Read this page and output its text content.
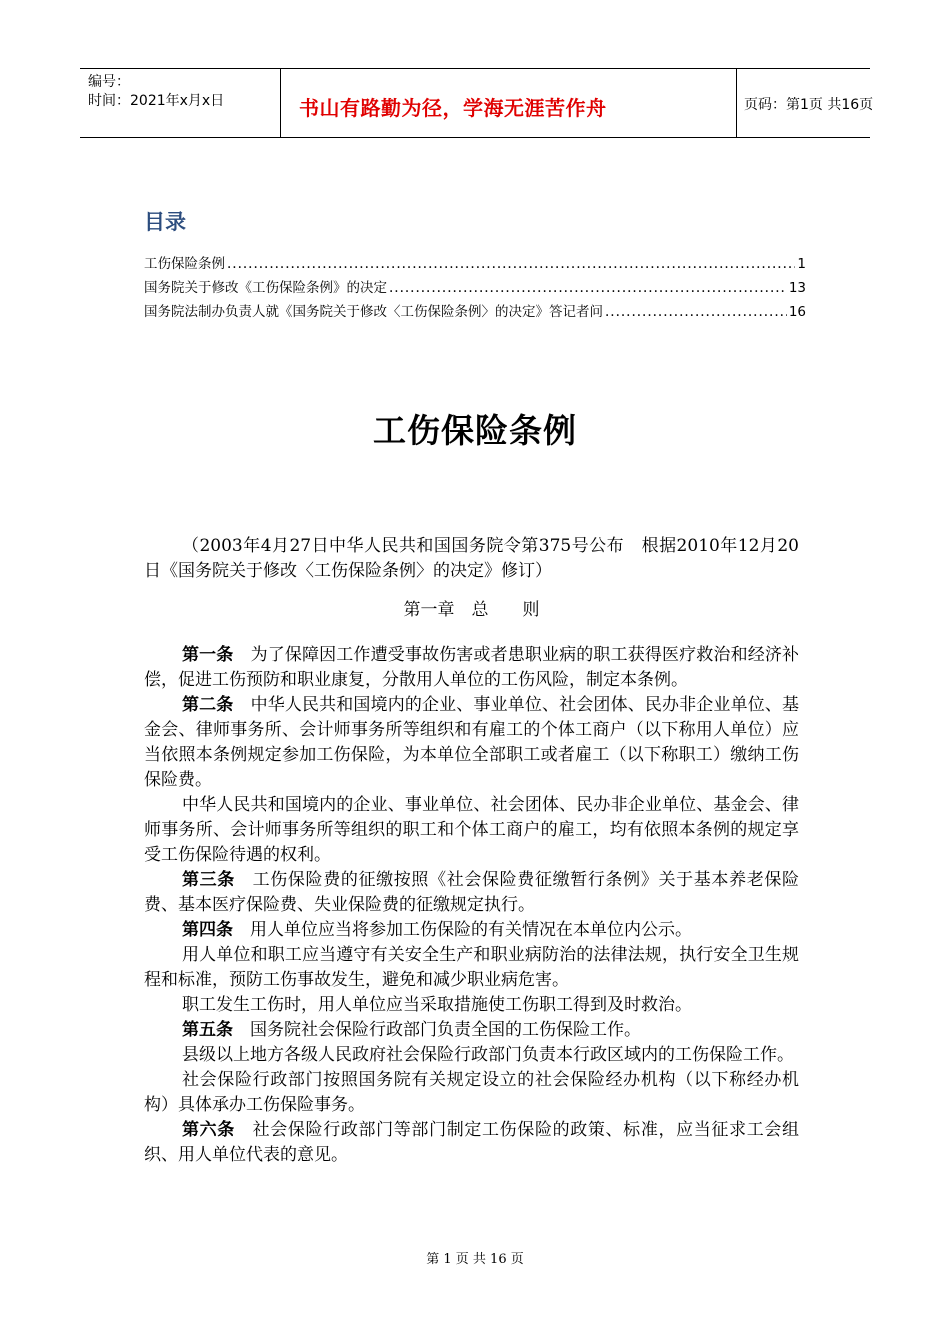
编号：
时间：2021年x月x日	书山有路勤为径，学海无涯苦作舟	页码：第1页 共16页
目录
工伤保险条例 .....	1
国务院关于修改《工伤保险条例》的决定 .....	13
国务院法制办负责人就《国务院关于修改〈工伤保险条例〉的决定》答记者问 .....	16
工伤保险条例

（2003年4月27日中华人民共和国国务院令第375号公布　根据2010年12月20日《国务院关于修改〈工伤保险条例〉的决定》修订）

第一章　总　　则

第一条　为了保障因工作遭受事故伤害或者患职业病的职工获得医疗救治和经济补偿，促进工伤预防和职业康复，分散用人单位的工伤风险，制定本条例。

第二条　中华人民共和国境内的企业、事业单位、社会团体、民办非企业单位、基金会、律师事务所、会计师事务所等组织和有雇工的个体工商户（以下称用人单位）应当依照本条例规定参加工伤保险，为本单位全部职工或者雇工（以下称职工）缴纳工伤保险费。

中华人民共和国境内的企业、事业单位、社会团体、民办非企业单位、基金会、律师事务所、会计师事务所等组织的职工和个体工商户的雇工，均有依照本条例的规定享受工伤保险待遇的权利。

第三条　工伤保险费的征缴按照《社会保险费征缴暂行条例》关于基本养老保险费、基本医疗保险费、失业保险费的征缴规定执行。

第四条　用人单位应当将参加工伤保险的有关情况在本单位内公示。

用人单位和职工应当遵守有关安全生产和职业病防治的法律法规，执行安全卫生规程和标准，预防工伤事故发生，避免和减少职业病危害。

职工发生工伤时，用人单位应当采取措施使工伤职工得到及时救治。

第五条　国务院社会保险行政部门负责全国的工伤保险工作。

县级以上地方各级人民政府社会保险行政部门负责本行政区域内的工伤保险工作。

社会保险行政部门按照国务院有关规定设立的社会保险经办机构（以下称经办机构）具体承办工伤保险事务。

第六条　社会保险行政部门等部门制定工伤保险的政策、标准，应当征求工会组织、用人单位代表的意见。

第 1 页 共 16 页
